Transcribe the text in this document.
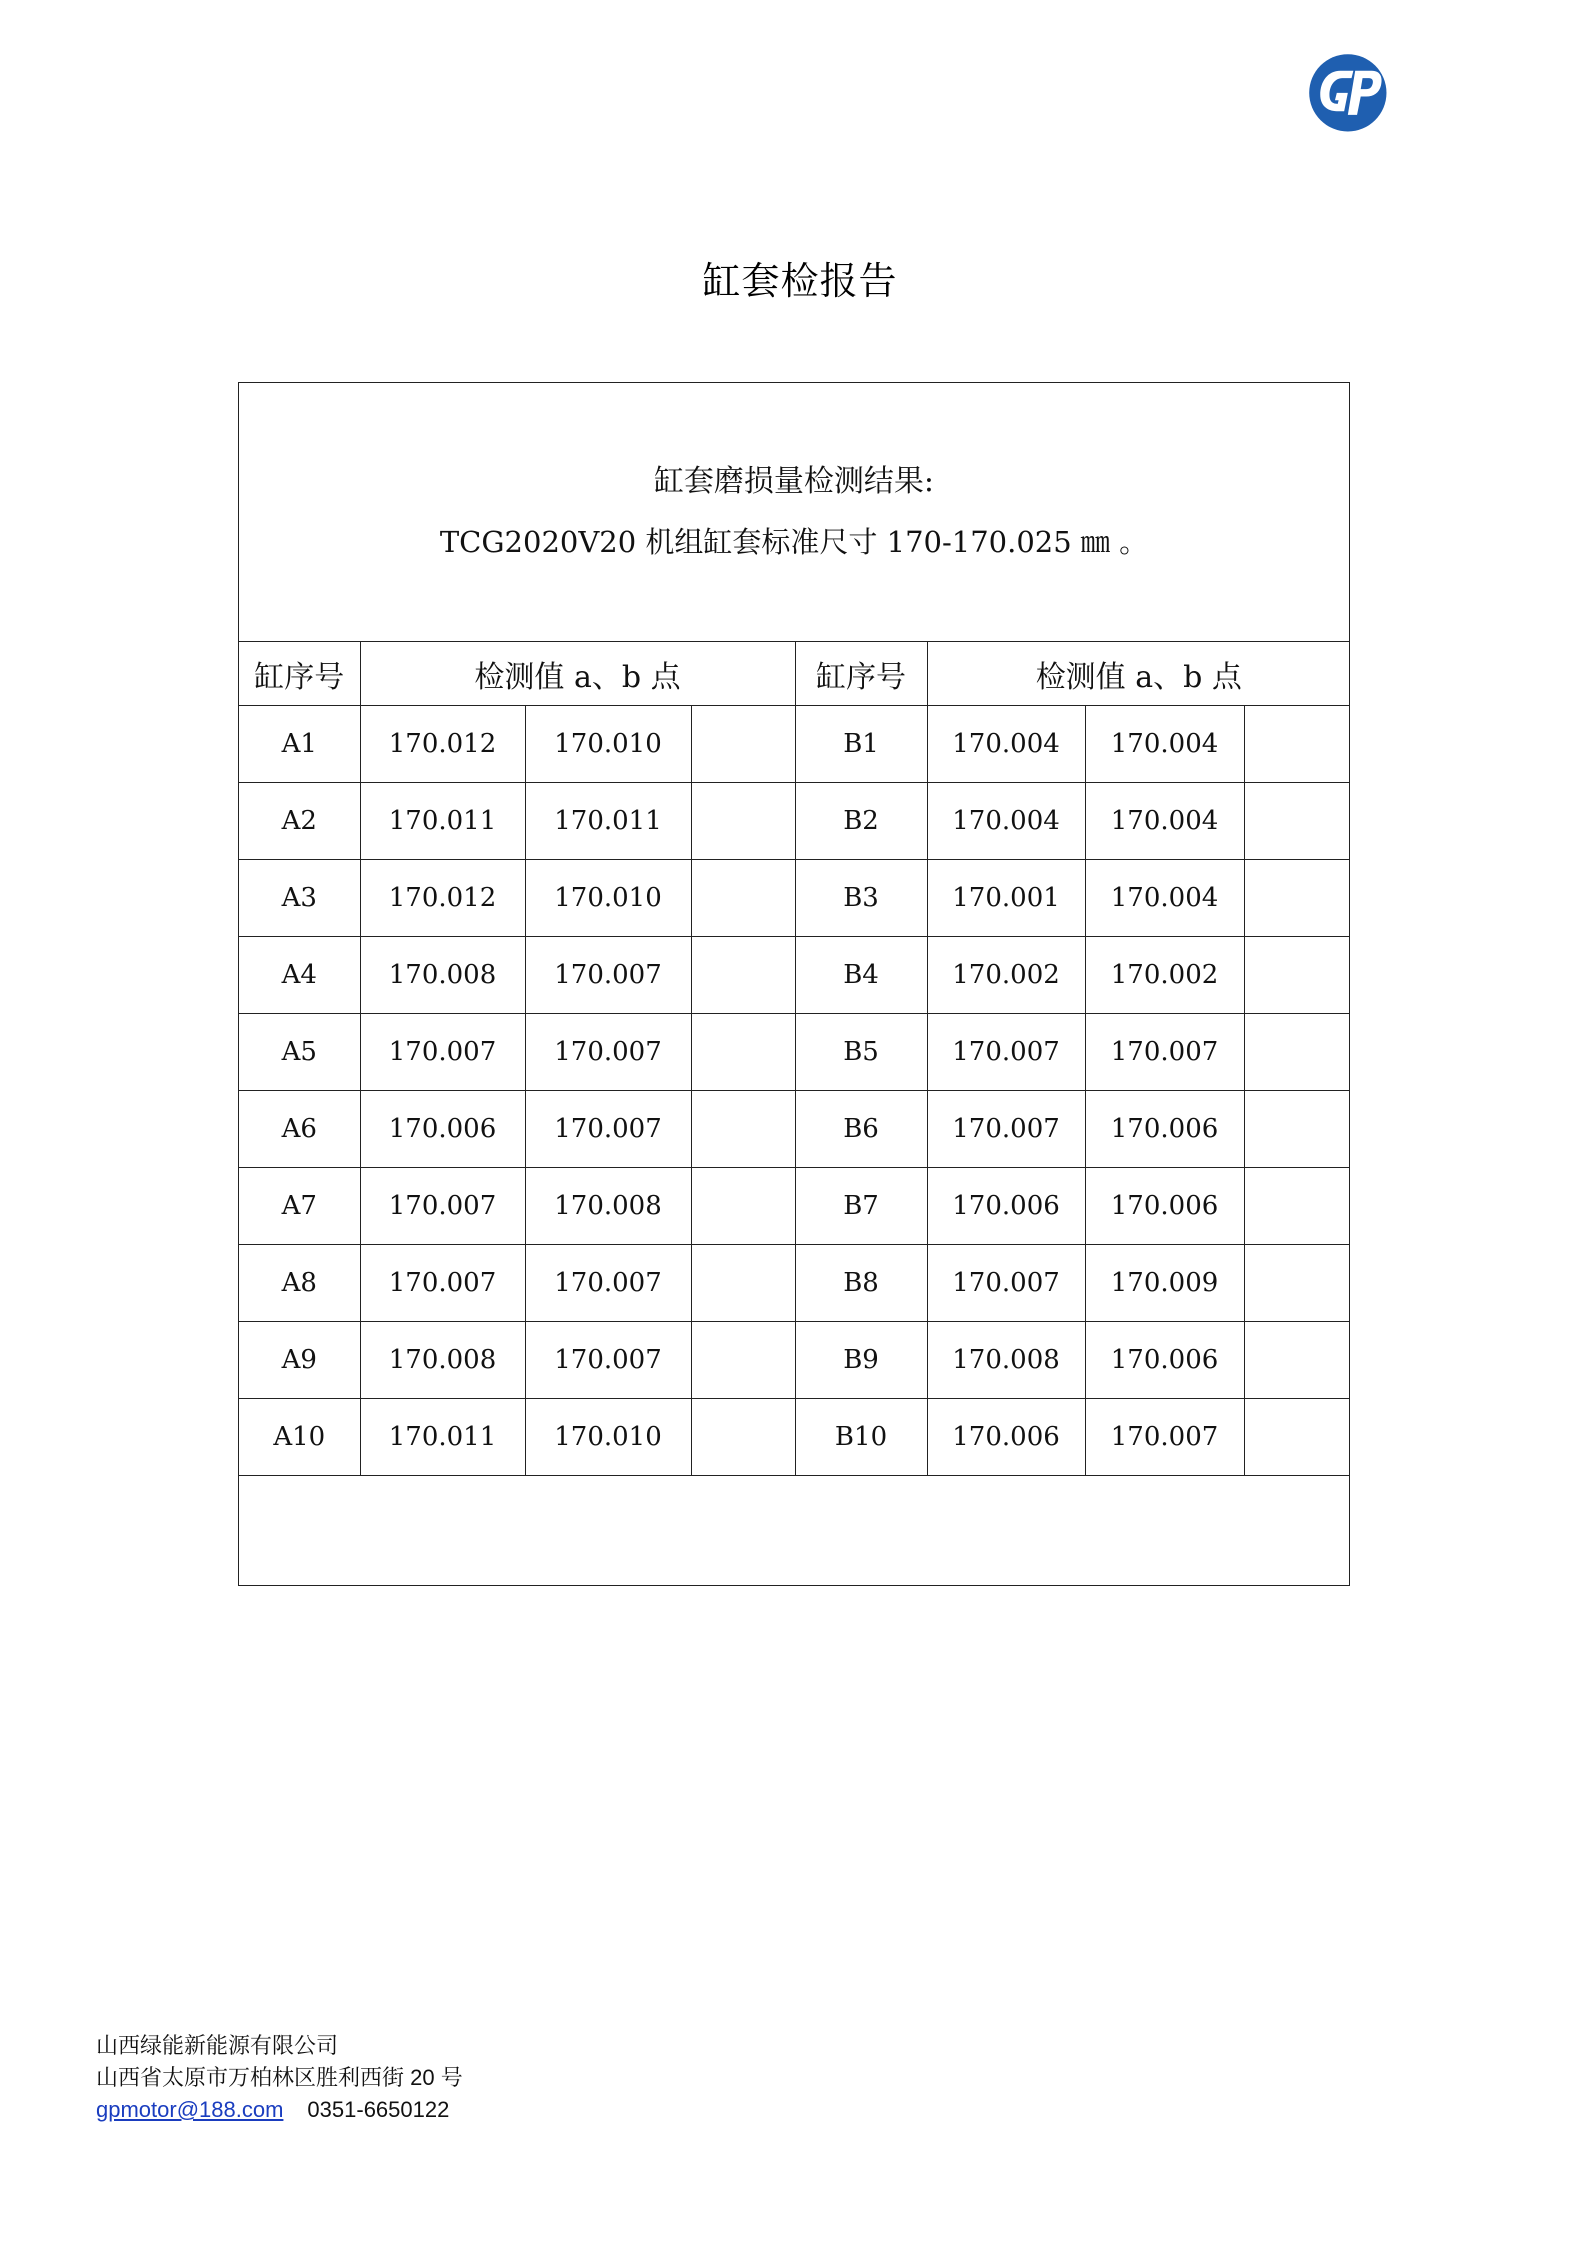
缸套检报告
缸套磨损量检测结果:
TCG2020V20 机组缸套标准尺寸 170-170.025 ㎜ 。
缸序号	检测值 a、b 点			缸序号	检测值 a、b 点		
A1	170.012	170.010		B1	170.004	170.004	
A2	170.011	170.011		B2	170.004	170.004	
A3	170.012	170.010		B3	170.001	170.004	
A4	170.008	170.007		B4	170.002	170.002	
A5	170.007	170.007		B5	170.007	170.007	
A6	170.006	170.007		B6	170.007	170.006	
A7	170.007	170.008		B7	170.006	170.006	
A8	170.007	170.007		B8	170.007	170.009	
A9	170.008	170.007		B9	170.008	170.006	
A10	170.011	170.010		B10	170.006	170.007	
山西绿能新能源有限公司
山西省太原市万柏林区胜利西街 20 号
gpmotor@188.com 0351-6650122
